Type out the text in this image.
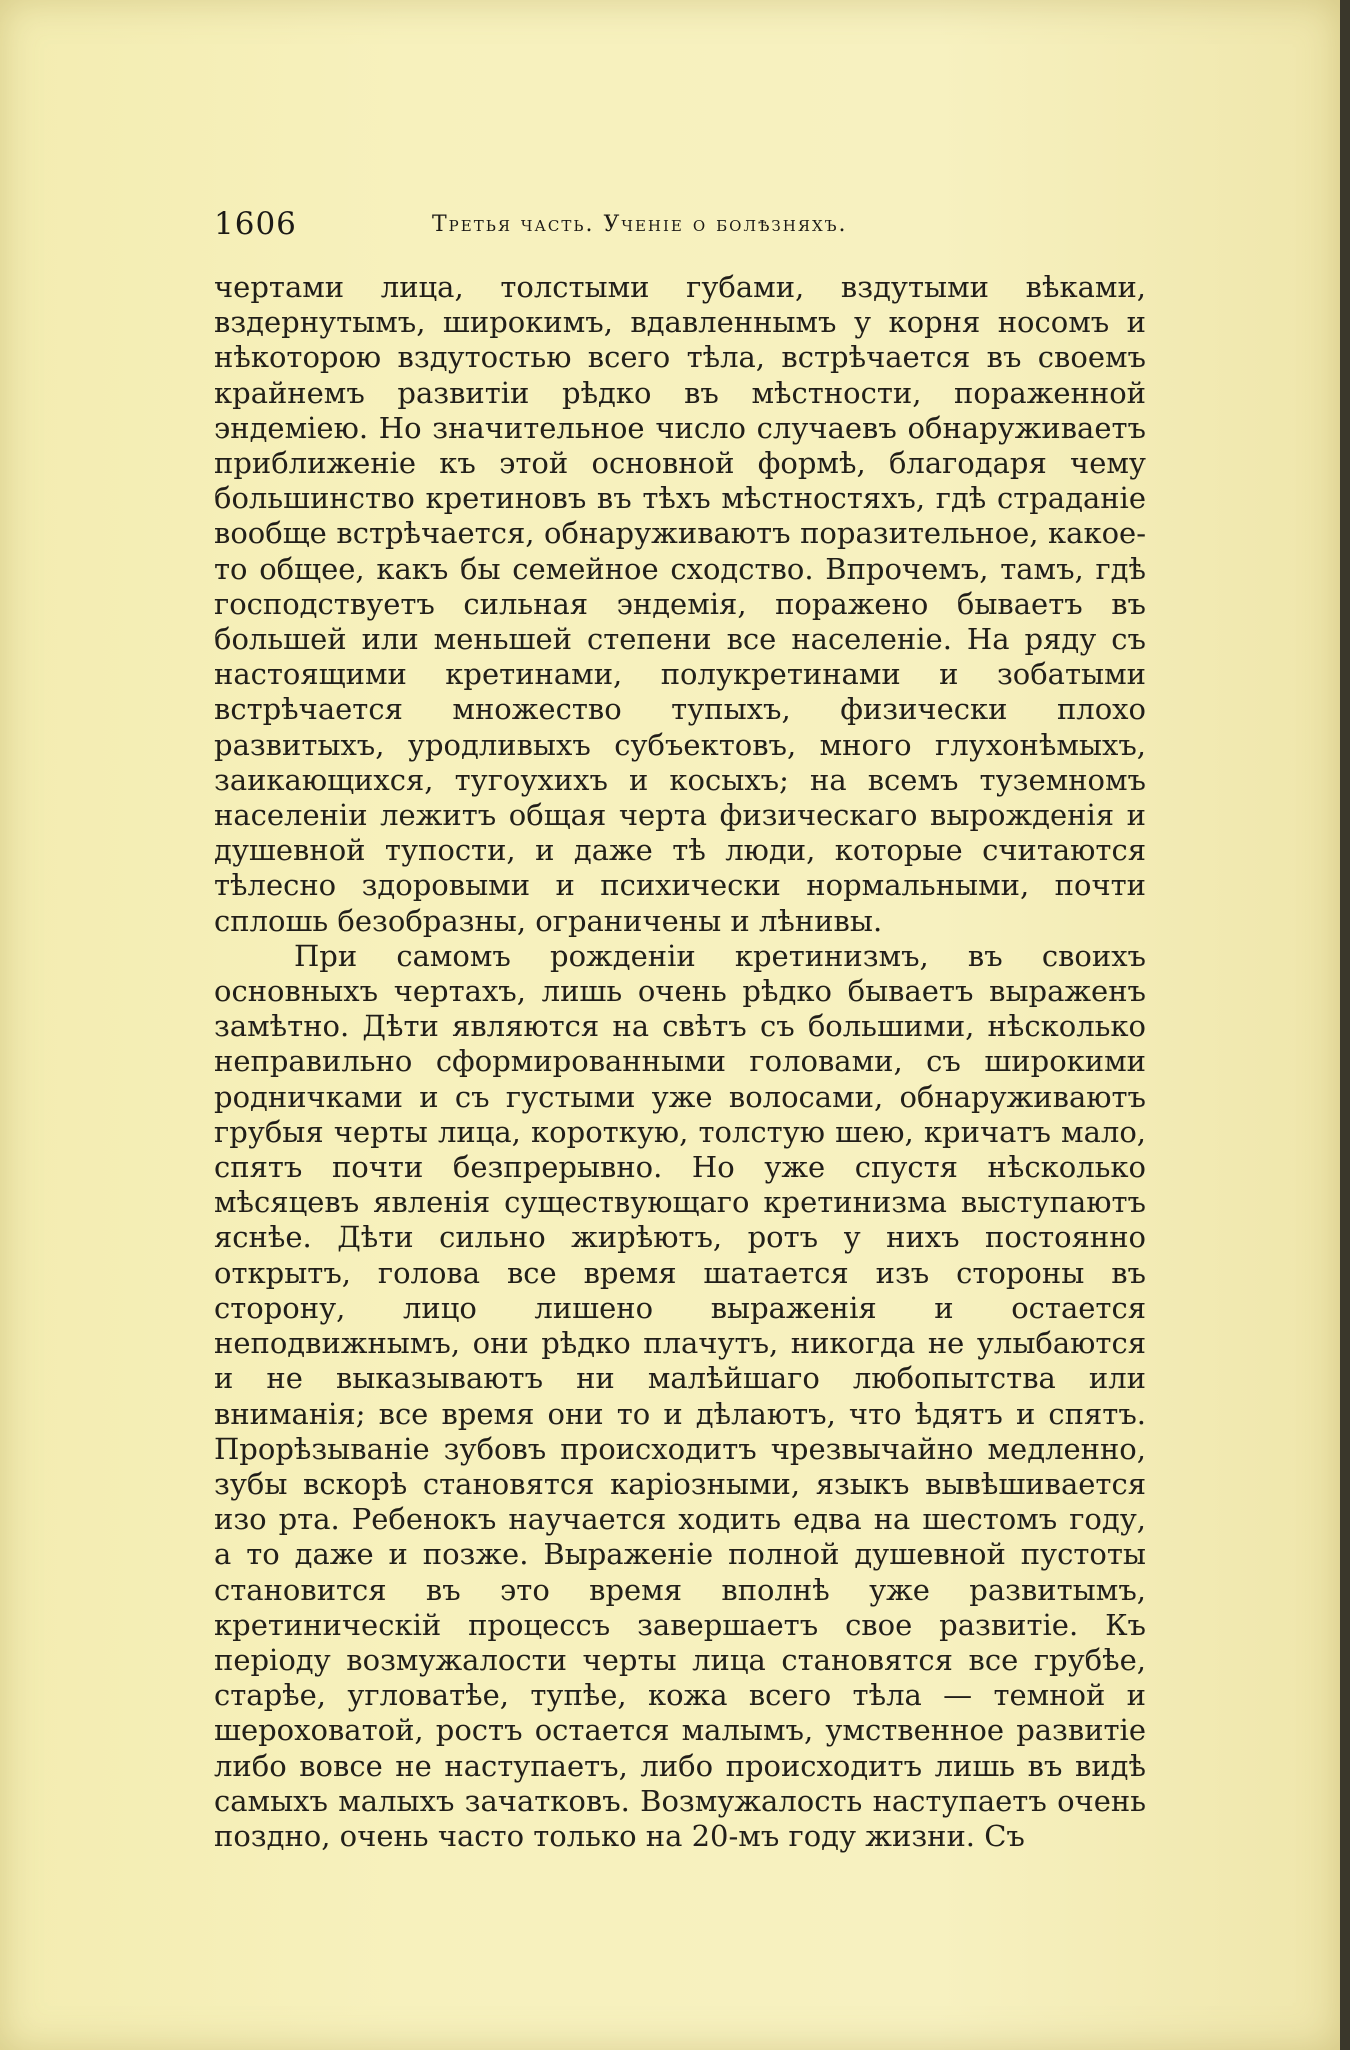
1606	Третья часть. Ученіе о болѣзняхъ.

чертами лица, толстыми губами, вздутыми вѣками, вздернутымъ, широкимъ, вдавленнымъ у корня носомъ и нѣкоторою вздутостью всего тѣла, встрѣчается въ своемъ крайнемъ развитіи рѣдко въ мѣстности, пораженной эндеміею. Но значительное число случаевъ обнаруживаетъ приближеніе къ этой основной формѣ, благодаря чему большинство кретиновъ въ тѣхъ мѣстностяхъ, гдѣ страданіе вообще встрѣчается, обнаруживаютъ поразительное, какое-то общее, какъ бы семейное сходство. Впрочемъ, тамъ, гдѣ господствуетъ сильная эндемія, поражено бываетъ въ большей или меньшей степени все населеніе. На ряду съ настоящими кретинами, полукретинами и зобатыми встрѣчается множество тупыхъ, физически плохо развитыхъ, уродливыхъ субъектовъ, много глухонѣмыхъ, заикающихся, тугоухихъ и косыхъ; на всемъ туземномъ населеніи лежитъ общая черта физическаго вырожденія и душевной тупости, и даже тѣ люди, которые считаются тѣлесно здоровыми и психически нормальными, почти сплошь безобразны, ограничены и лѣнивы.

При самомъ рожденіи кретинизмъ, въ своихъ основныхъ чертахъ, лишь очень рѣдко бываетъ выраженъ замѣтно. Дѣти являются на свѣтъ съ большими, нѣсколько неправильно сформированными головами, съ широкими родничками и съ густыми уже волосами, обнаруживаютъ грубыя черты лица, короткую, толстую шею, кричатъ мало, спятъ почти безпрерывно. Но уже спустя нѣсколько мѣсяцевъ явленія существующаго кретинизма выступаютъ яснѣе. Дѣти сильно жирѣютъ, ротъ у нихъ постоянно открытъ, голова все время шатается изъ стороны въ сторону, лицо лишено выраженія и остается неподвижнымъ, они рѣдко плачутъ, никогда не улыбаются и не выказываютъ ни малѣйшаго любопытства или вниманія; все время они то и дѣлаютъ, что ѣдятъ и спятъ. Прорѣзываніе зубовъ происходитъ чрезвычайно медленно, зубы вскорѣ становятся каріозными, языкъ вывѣшивается изо рта. Ребенокъ научается ходить едва на шестомъ году, а то даже и позже. Выраженіе полной душевной пустоты становится въ это время вполнѣ уже развитымъ, кретиническій процессъ завершаетъ свое развитіе. Къ періоду возмужалости черты лица становятся все грубѣе, старѣе, угловатѣе, тупѣе, кожа всего тѣла — темной и шероховатой, ростъ остается малымъ, умственное развитіе либо вовсе не наступаетъ, либо происходитъ лишь въ видѣ самыхъ малыхъ зачатковъ. Возмужалость наступаетъ очень поздно, очень часто только на 20-мъ году жизни. Съ
